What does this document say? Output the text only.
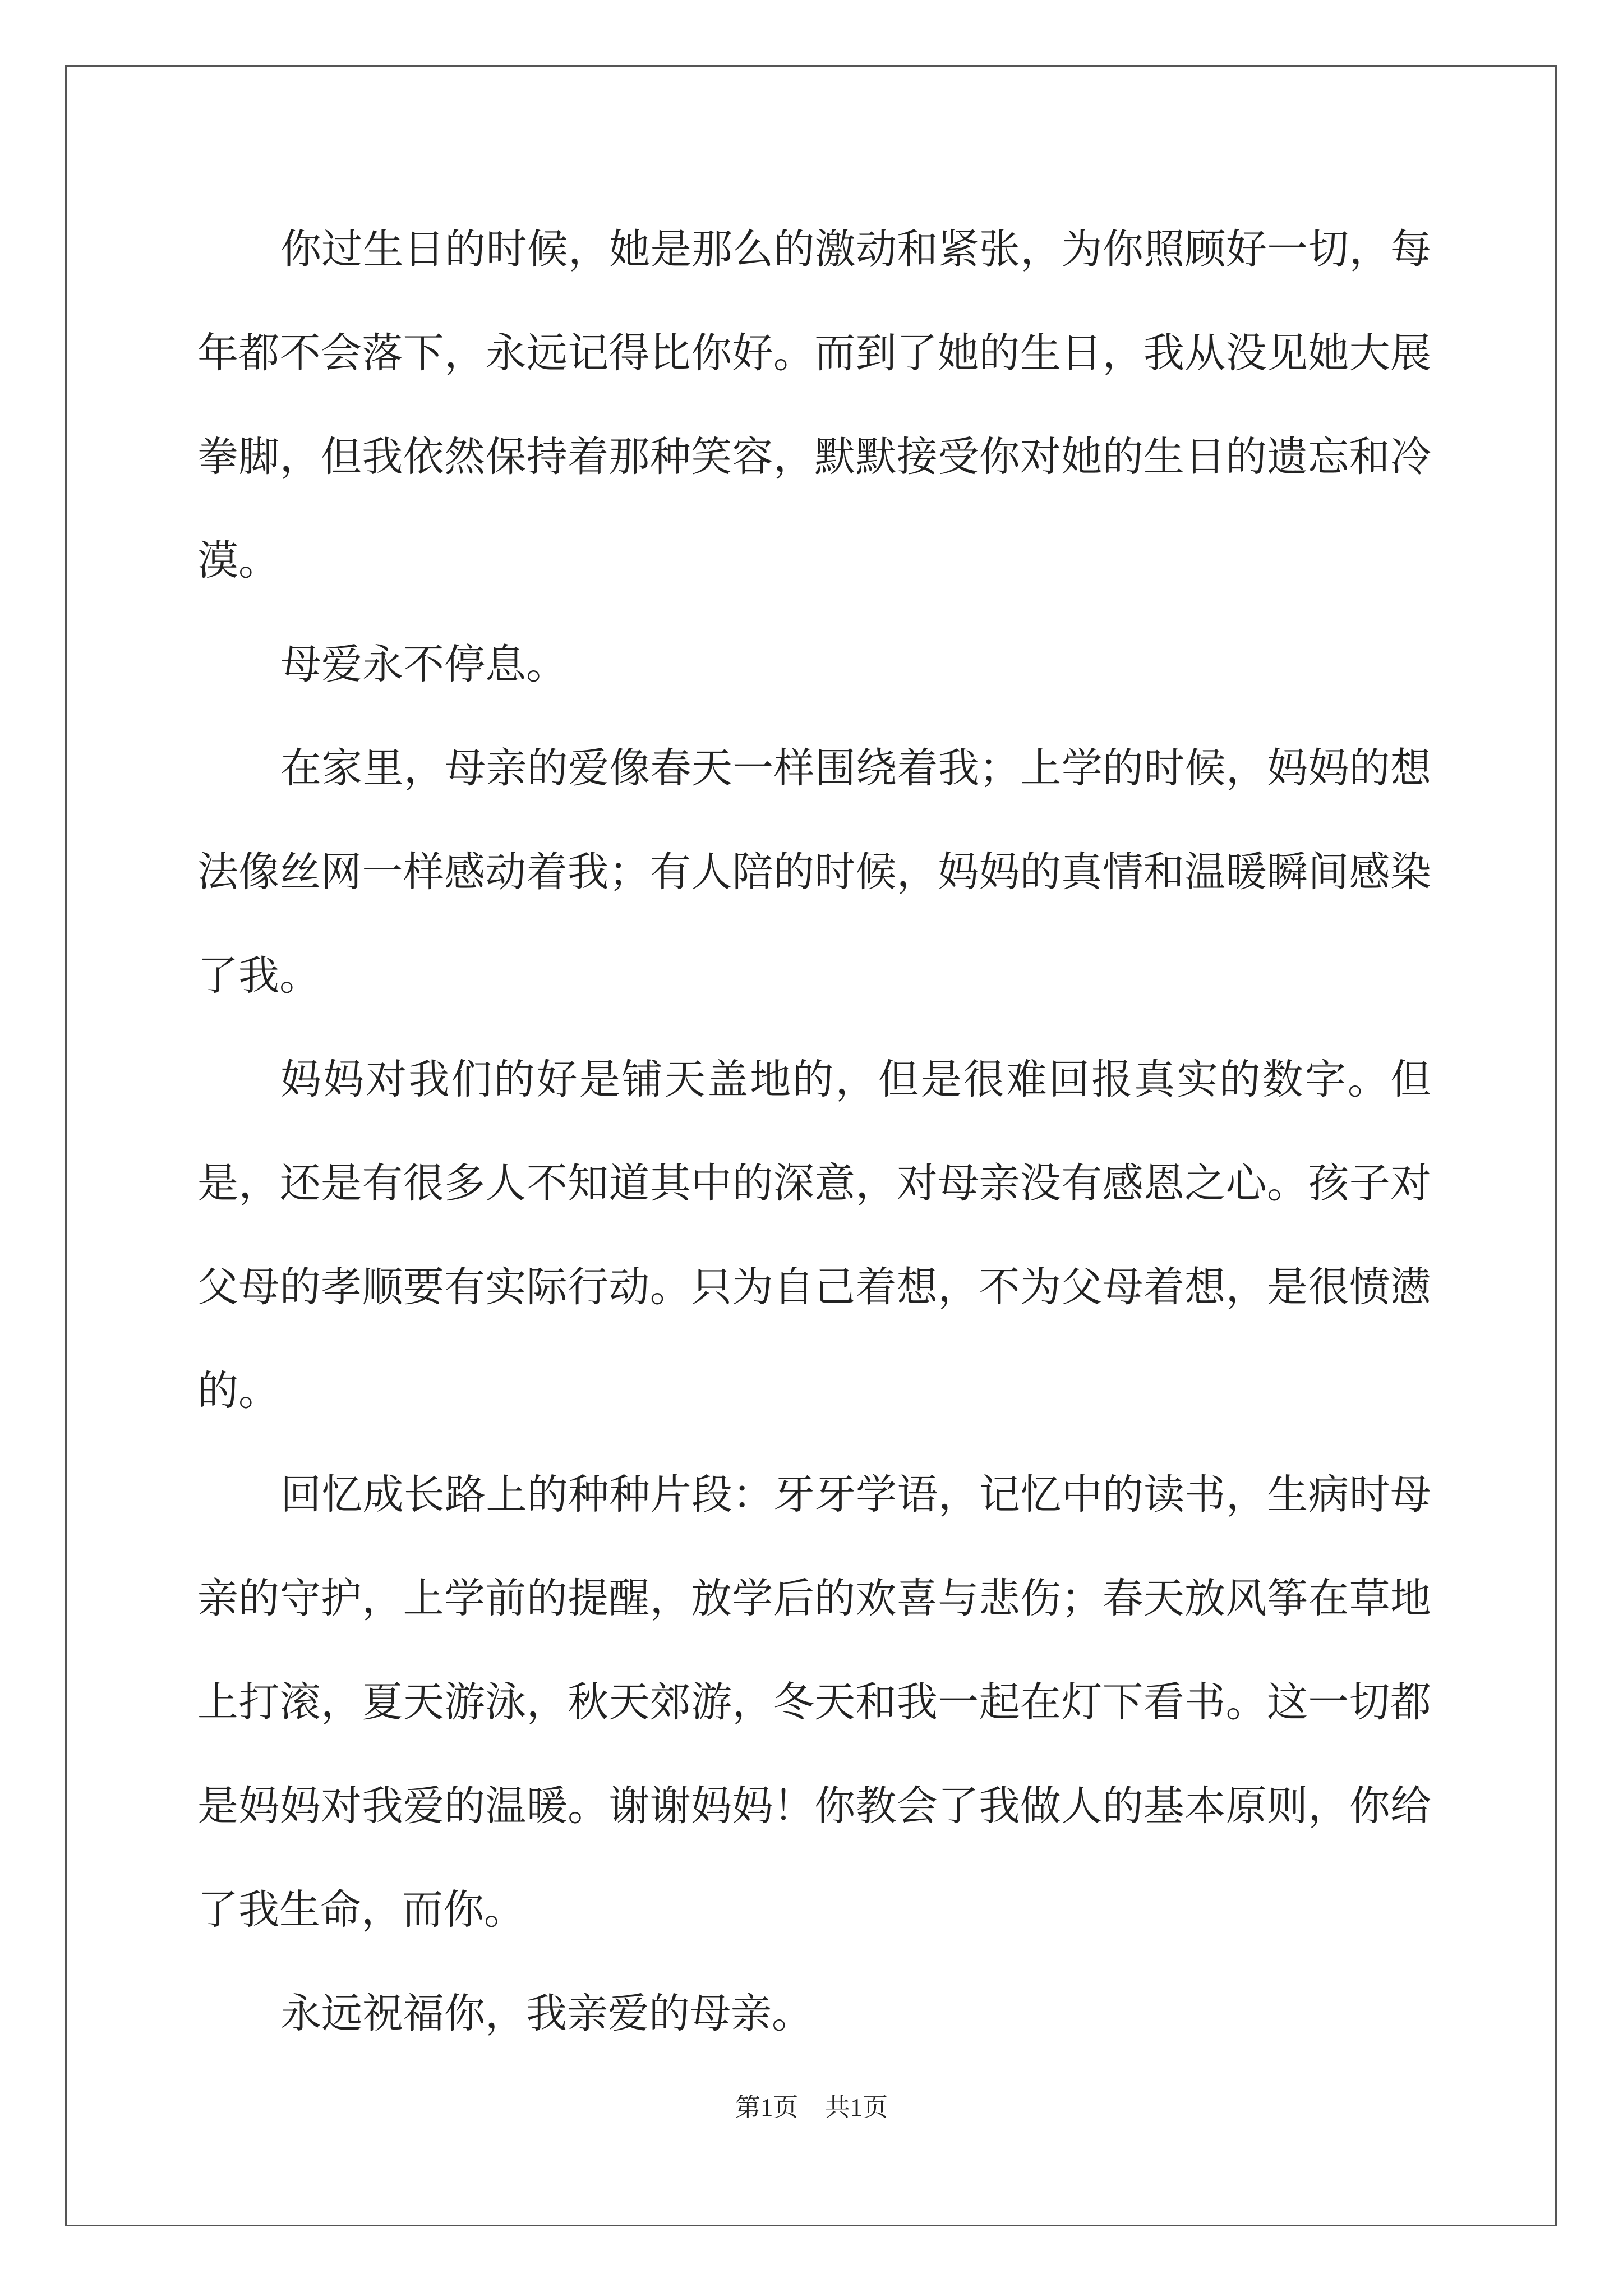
你过生日的时候，她是那么的激动和紧张，为你照顾好一切，每年都不会落下，永远记得比你好。而到了她的生日，我从没见她大展拳脚，但我依然保持着那种笑容，默默接受你对她的生日的遗忘和冷漠。

母爱永不停息。

在家里，母亲的爱像春天一样围绕着我；上学的时候，妈妈的想法像丝网一样感动着我；有人陪的时候，妈妈的真情和温暖瞬间感染了我。

妈妈对我们的好是铺天盖地的，但是很难回报真实的数字。但是，还是有很多人不知道其中的深意，对母亲没有感恩之心。孩子对父母的孝顺要有实际行动。只为自己着想，不为父母着想，是很愤懑的。

回忆成长路上的种种片段：牙牙学语，记忆中的读书，生病时母亲的守护，上学前的提醒，放学后的欢喜与悲伤；春天放风筝在草地上打滚，夏天游泳，秋天郊游，冬天和我一起在灯下看书。这一切都是妈妈对我爱的温暖。谢谢妈妈！你教会了我做人的基本原则，你给了我生命，而你。

永远祝福你，我亲爱的母亲。

第1页 共1页
